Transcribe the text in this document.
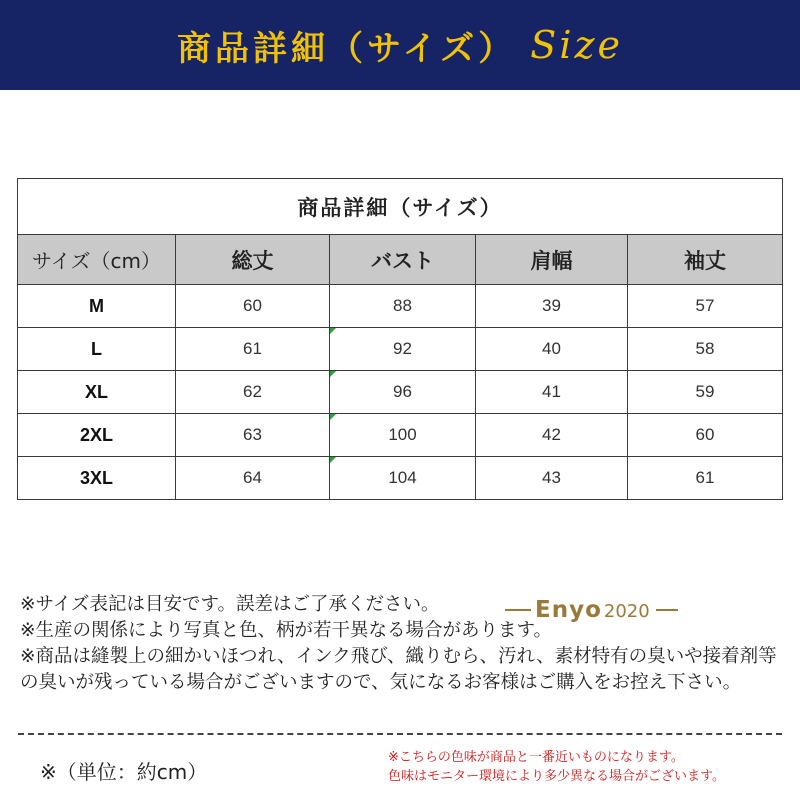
商品詳細（サイズ） Size
商品詳細（サイズ）				
サイズ（cm）	総丈	バスト	肩幅	袖丈
M	60	88	39	57
L	61	92	40	58
XL	62	96	41	59
2XL	63	100	42	60
3XL	64	104	43	61

※サイズ表記は目安です。誤差はご了承ください。

※生産の関係により写真と色、柄が若干異なる場合があります。

※商品は縫製上の細かいほつれ、インク飛び、織りむら、汚れ、素材特有の臭いや接着剤等の臭いが残っている場合がございますので、気になるお客様はご購入をお控え下さい。

Enyo 2020
※（単位：約cm）

※こちらの色味が商品と一番近いものになります。

色味はモニター環境により多少異なる場合がございます。
